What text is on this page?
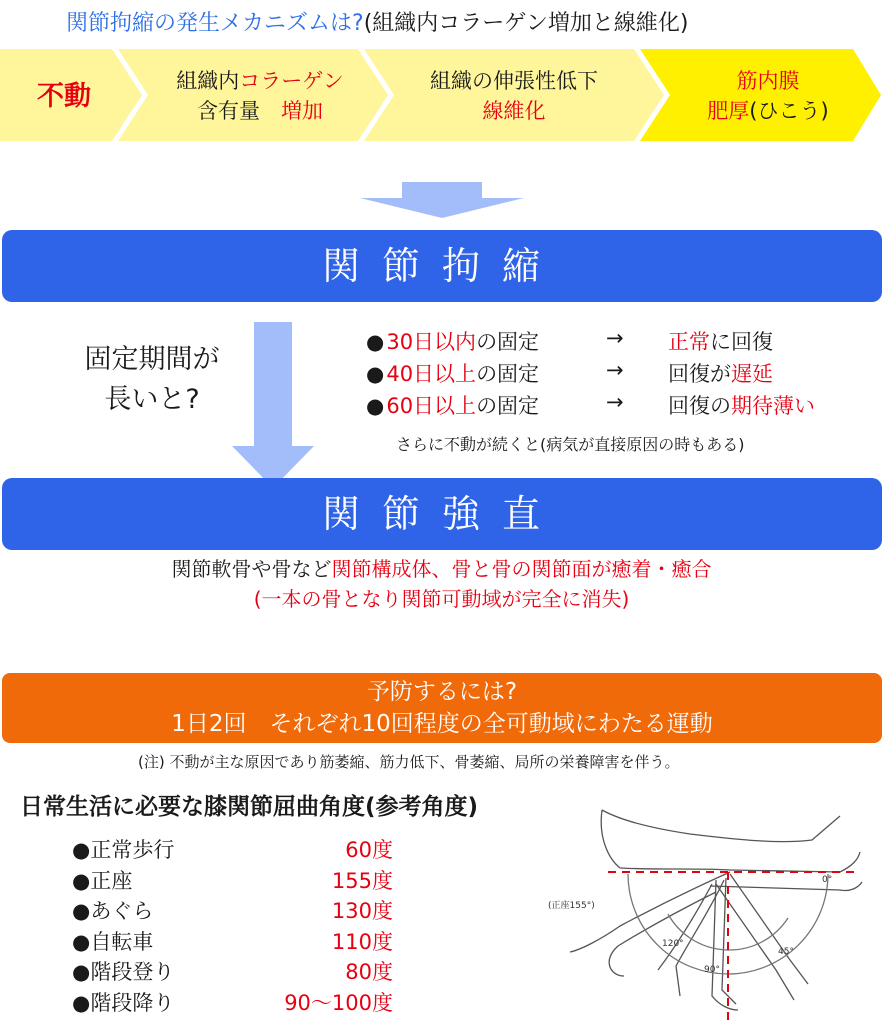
関節拘縮の発生メカニズムは?(組織内コラーゲン増加と線維化)
不動	組織内コラーゲン
含有量　増加
組織の伸張性低下
線維化
筋内膜
肥厚(ひこう)
関節拘縮
固定期間が
長いと?
●30日以内の固定	→ 正常に回復
●40日以上の固定	→ 回復が遅延
●60日以上の固定	→ 回復の期待薄い
さらに不動が続くと(病気が直接原因の時もある)
関節強直
関節軟骨や骨など関節構成体、骨と骨の関節面が癒着・癒合
(一本の骨となり関節可動域が完全に消失)
予防するには?
1日2回　それぞれ10回程度の全可動域にわたる運動
(注) 不動が主な原因であり筋萎縮、筋力低下、骨萎縮、局所の栄養障害を伴う。
日常生活に必要な膝関節屈曲角度(参考角度)
●正常歩行	60度
●正座	155度
●あぐら	130度
●自転車	110度
●階段登り	80度
●階段降り	90〜100度
(正座155°)
0°
45°
90°
120°
